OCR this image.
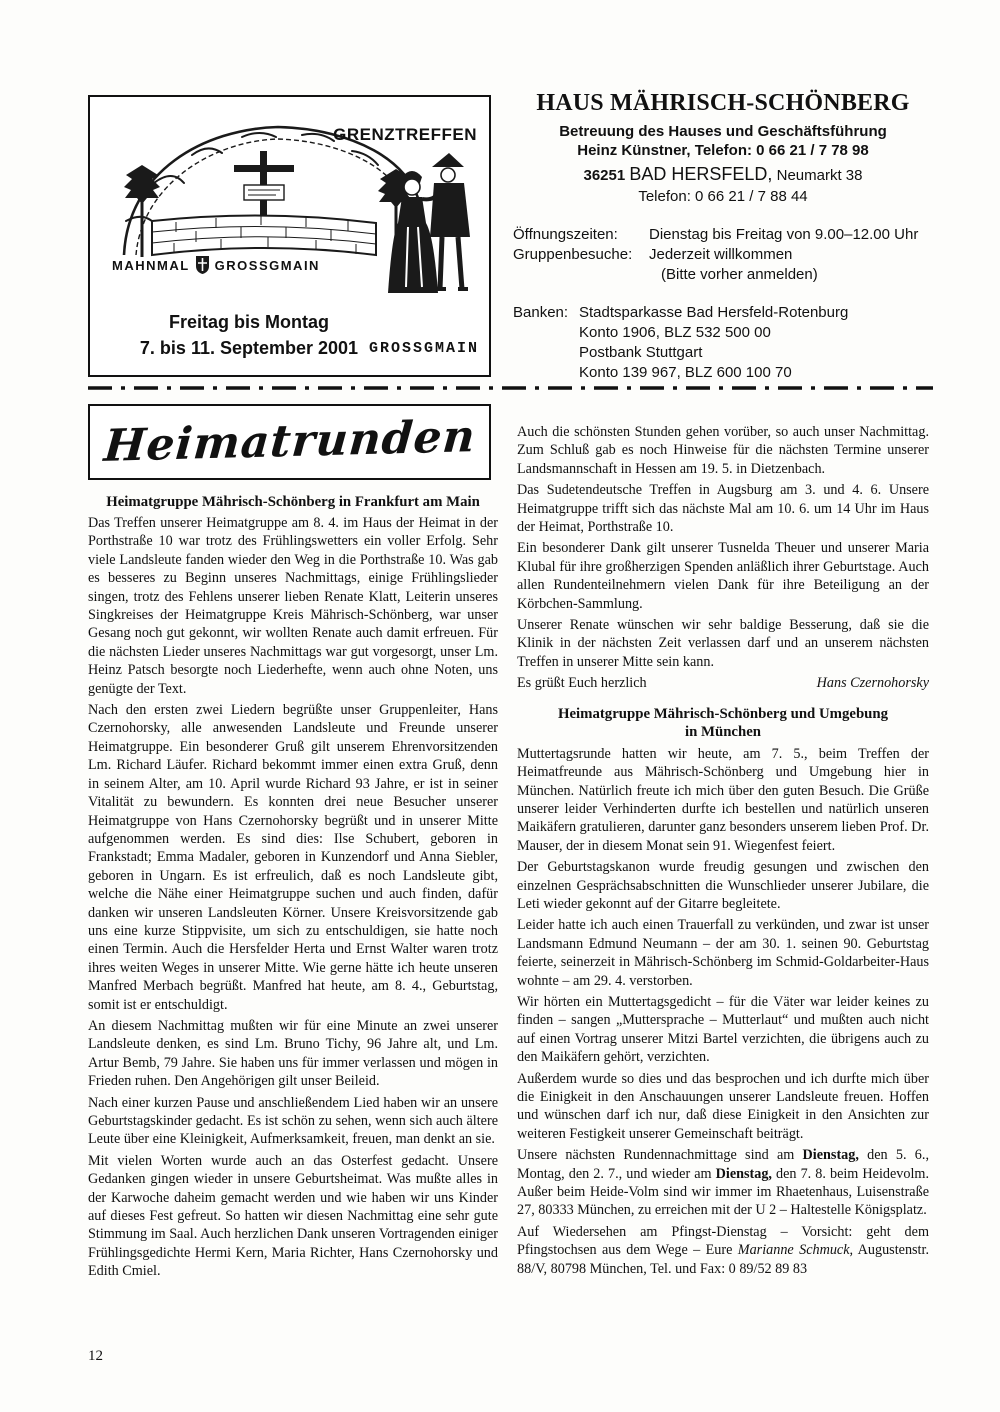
GRENZTREFFEN
MAHNMAL GROSSGMAIN
Freitag bis Montag
7. bis 11. September 2001 GROSSGMAIN
HAUS MÄHRISCH-SCHÖNBERG
Betreuung des Hauses und Geschäftsführung
Heinz Künstner, Telefon: 0 66 21 / 7 78 98
36251 BAD HERSFELD, Neumarkt 38
Telefon: 0 66 21 / 7 88 44
Öffnungszeiten:	Dienstag bis Freitag von 9.00–12.00 Uhr
Gruppenbesuche:	Jederzeit willkommen
(Bitte vorher anmelden)
Banken: Stadtsparkasse Bad Hersfeld-Rotenburg
Konto 1906, BLZ 532 500 00
Postbank Stuttgart
Konto 139 967, BLZ 600 100 70
Heimatrunden
Heimatgruppe Mährisch-Schönberg in Frankfurt am Main

Das Treffen unserer Heimatgruppe am 8. 4. im Haus der Heimat in der Porthstraße 10 war trotz des Frühlingswetters ein voller Erfolg. Sehr viele Landsleute fanden wieder den Weg in die Porthstraße 10. Was gab es besseres zu Beginn unseres Nachmittags, einige Frühlingslieder singen, trotz des Fehlens unserer lieben Renate Klatt, Leiterin unseres Singkreises der Heimatgruppe Kreis Mährisch-Schönberg, war unser Gesang noch gut gekonnt, wir wollten Renate auch damit erfreuen. Für die nächsten Lieder unseres Nachmittags war gut vorgesorgt, unser Lm. Heinz Patsch besorgte noch Liederhefte, wenn auch ohne Noten, uns genügte der Text.

Nach den ersten zwei Liedern begrüßte unser Gruppenleiter, Hans Czernohorsky, alle anwesenden Landsleute und Freunde unserer Heimatgruppe. Ein besonderer Gruß gilt unserem Ehrenvorsitzenden Lm. Richard Läufer. Richard bekommt immer einen extra Gruß, denn in seinem Alter, am 10. April wurde Richard 93 Jahre, er ist in seiner Vitalität zu bewundern. Es konnten drei neue Besucher unserer Heimatgruppe von Hans Czernohorsky begrüßt und in unserer Mitte aufgenommen werden. Es sind dies: Ilse Schubert, geboren in Frankstadt; Emma Madaler, geboren in Kunzendorf und Anna Siebler, geboren in Ungarn. Es ist erfreulich, daß es noch Landsleute gibt, welche die Nähe einer Heimatgruppe suchen und auch finden, dafür danken wir unseren Landsleuten Körner. Unsere Kreisvorsitzende gab uns eine kurze Stippvisite, um sich zu entschuldigen, sie hatte noch einen Termin. Auch die Hersfelder Herta und Ernst Walter waren trotz ihres weiten Weges in unserer Mitte. Wie gerne hätte ich heute unseren Manfred Merbach begrüßt. Manfred hat heute, am 8. 4., Geburtstag, somit ist er entschuldigt.

An diesem Nachmittag mußten wir für eine Minute an zwei unserer Landsleute denken, es sind Lm. Bruno Tichy, 96 Jahre alt, und Lm. Artur Bemb, 79 Jahre. Sie haben uns für immer verlassen und mögen in Frieden ruhen. Den Angehörigen gilt unser Beileid.

Nach einer kurzen Pause und anschließendem Lied haben wir an unsere Geburtstagskinder gedacht. Es ist schön zu sehen, wenn sich auch ältere Leute über eine Kleinigkeit, Aufmerksamkeit, freuen, man denkt an sie.

Mit vielen Worten wurde auch an das Osterfest gedacht. Unsere Gedanken gingen wieder in unsere Geburtsheimat. Was mußte alles in der Karwoche daheim gemacht werden und wie haben wir uns Kinder auf dieses Fest gefreut. So hatten wir diesen Nachmittag eine sehr gute Stimmung im Saal. Auch herzlichen Dank unseren Vortragenden einiger Frühlingsgedichte Hermi Kern, Maria Richter, Hans Czernohorsky und Edith Cmiel.

Auch die schönsten Stunden gehen vorüber, so auch unser Nachmittag. Zum Schluß gab es noch Hinweise für die nächsten Termine unserer Landsmannschaft in Hessen am 19. 5. in Dietzenbach.

Das Sudetendeutsche Treffen in Augsburg am 3. und 4. 6. Unsere Heimatgruppe trifft sich das nächste Mal am 10. 6. um 14 Uhr im Haus der Heimat, Porthstraße 10.

Ein besonderer Dank gilt unserer Tusnelda Theuer und unserer Maria Klubal für ihre großherzigen Spenden anläßlich ihrer Geburtstage. Auch allen Rundenteilnehmern vielen Dank für ihre Beteiligung an der Körbchen-Sammlung.

Unserer Renate wünschen wir sehr baldige Besserung, daß sie die Klinik in der nächsten Zeit verlassen darf und an unserem nächsten Treffen in unserer Mitte sein kann.

Es grüßt Euch herzlich	Hans Czernohorsky
Heimatgruppe Mährisch-Schönberg und Umgebung
in München

Muttertagsrunde hatten wir heute, am 7. 5., beim Treffen der Heimatfreunde aus Mährisch-Schönberg und Umgebung hier in München. Natürlich freute ich mich über den guten Besuch. Die Grüße unserer leider Verhinderten durfte ich bestellen und natürlich unseren Maikäfern gratulieren, darunter ganz besonders unserem lieben Prof. Dr. Mauser, der in diesem Monat sein 91. Wiegenfest feiert.

Der Geburtstagskanon wurde freudig gesungen und zwischen den einzelnen Gesprächsabschnitten die Wunschlieder unserer Jubilare, die Leti wieder gekonnt auf der Gitarre begleitete.

Leider hatte ich auch einen Trauerfall zu verkünden, und zwar ist unser Landsmann Edmund Neumann – der am 30. 1. seinen 90. Geburtstag feierte, seinerzeit in Mährisch-Schönberg im Schmid-Goldarbeiter-Haus wohnte – am 29. 4. verstorben.

Wir hörten ein Muttertagsgedicht – für die Väter war leider keines zu finden – sangen „Muttersprache – Mutterlaut“ und mußten auch nicht auf einen Vortrag unserer Mitzi Bartel verzichten, die übrigens auch zu den Maikäfern gehört, verzichten.

Außerdem wurde so dies und das besprochen und ich durfte mich über die Einigkeit in den Anschauungen unserer Landsleute freuen. Hoffen und wünschen darf ich nur, daß diese Einigkeit in den Ansichten zur weiteren Festigkeit unserer Gemeinschaft beiträgt.

Unsere nächsten Rundennachmittage sind am Dienstag, den 5. 6., Montag, den 2. 7., und wieder am Dienstag, den 7. 8. beim Heidevolm. Außer beim Heide-Volm sind wir immer im Rhaetenhaus, Luisenstraße 27, 80333 München, zu erreichen mit der U 2 – Haltestelle Königsplatz.

Auf Wiedersehen am Pfingst-Dienstag – Vorsicht: geht dem Pfingstochsen aus dem Wege – Eure Marianne Schmuck, Augustenstr. 88/V, 80798 München, Tel. und Fax: 0 89/52 89 83

12
